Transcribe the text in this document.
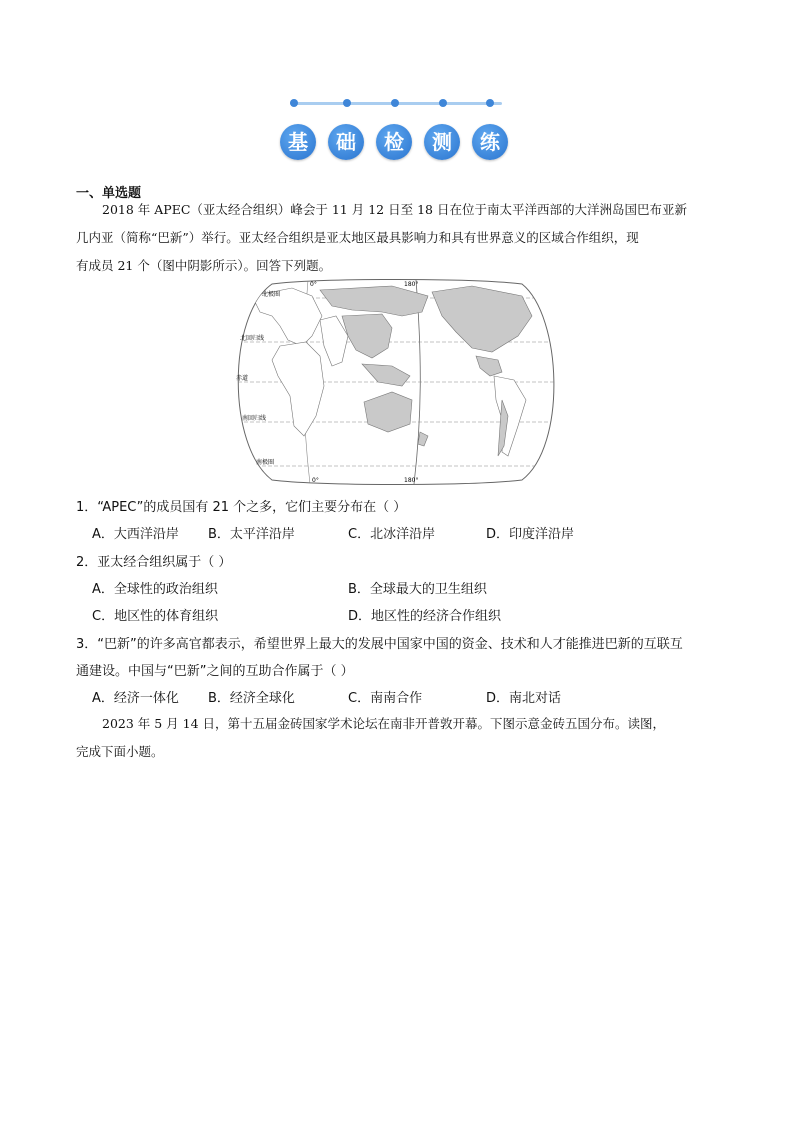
基	础	检	测	练
一、单选题
2018 年 APEC（亚太经合组织）峰会于 11 月 12 日至 18 日在位于南太平洋西部的大洋洲岛国巴布亚新
几内亚（简称“巴新”）举行。亚太经合组织是亚太地区最具影响力和具有世界意义的区域合作组织，现
有成员 21 个（图中阴影所示）。回答下列题。
0°	180°
0°	180°
北极圈
北回归线
赤道
南回归线
南极圈
1．“APEC”的成员国有 21 个之多，它们主要分布在（ ）
A．大西洋沿岸 B．太平洋沿岸	C．北冰洋沿岸	D．印度洋沿岸
2．亚太经合组织属于（ ）
A．全球性的政治组织	B．全球最大的卫生组织
C．地区性的体育组织	D．地区性的经济合作组织
3．“巴新”的许多高官都表示，希望世界上最大的发展中国家中国的资金、技术和人才能推进巴新的互联互
通建设。中国与“巴新”之间的互助合作属于（ ）
A．经济一体化 B．经济全球化	C．南南合作	D．南北对话
2023 年 5 月 14 日，第十五届金砖国家学术论坛在南非开普敦开幕。下图示意金砖五国分布。读图，
完成下面小题。
